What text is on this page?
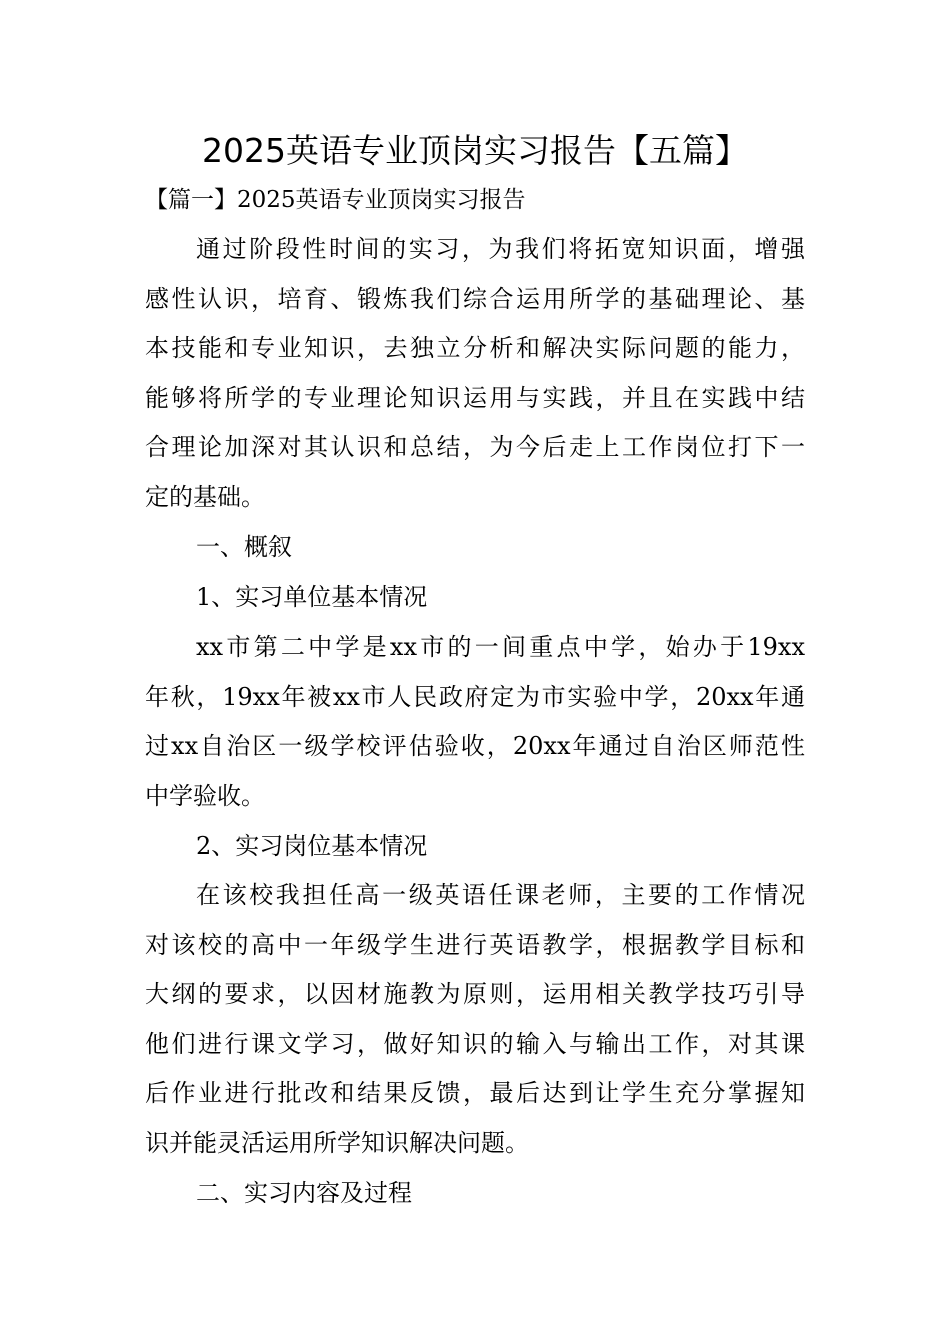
2025英语专业顶岗实习报告【五篇】

【篇一】2025英语专业顶岗实习报告

通过阶段性时间的实习，为我们将拓宽知识面，增强

感性认识，培育、锻炼我们综合运用所学的基础理论、基

本技能和专业知识，去独立分析和解决实际问题的能力，

能够将所学的专业理论知识运用与实践，并且在实践中结

合理论加深对其认识和总结，为今后走上工作岗位打下一

定的基础。

一、概叙

1、实习单位基本情况

xx市第二中学是xx市的一间重点中学，始办于19xx

年秋，19xx年被xx市人民政府定为市实验中学，20xx年通

过xx自治区一级学校评估验收，20xx年通过自治区师范性

中学验收。

2、实习岗位基本情况

在该校我担任高一级英语任课老师，主要的工作情况

对该校的高中一年级学生进行英语教学，根据教学目标和

大纲的要求，以因材施教为原则，运用相关教学技巧引导

他们进行课文学习，做好知识的输入与输出工作，对其课

后作业进行批改和结果反馈，最后达到让学生充分掌握知

识并能灵活运用所学知识解决问题。

二、实习内容及过程
